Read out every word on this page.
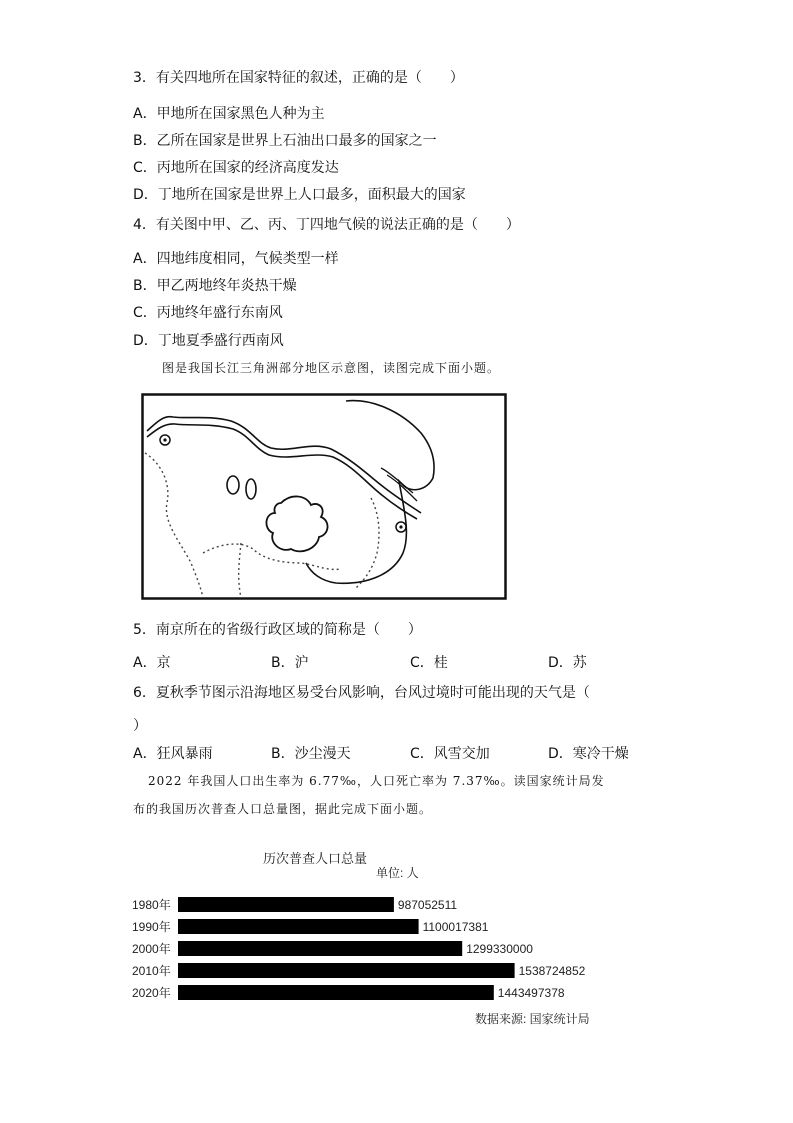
3．有关四地所在国家特征的叙述，正确的是（　　）
A．甲地所在国家黑色人种为主
B．乙所在国家是世界上石油出口最多的国家之一
C．丙地所在国家的经济高度发达
D．丁地所在国家是世界上人口最多，面积最大的国家
4．有关图中甲、乙、丙、丁四地气候的说法正确的是（　　）
A．四地纬度相同，气候类型一样
B．甲乙两地终年炎热干燥
C．丙地终年盛行东南风
D．丁地夏季盛行西南风
图是我国长江三角洲部分地区示意图，读图完成下面小题。
5．南京所在的省级行政区域的简称是（　　）
A．京	B．沪	C．桂	D．苏
6．夏秋季节图示沿海地区易受台风影响，台风过境时可能出现的天气是（
）
A．狂风暴雨	B．沙尘漫天	C．风雪交加	D．寒冷干燥
2022 年我国人口出生率为 6.77‰，人口死亡率为 7.37‰。读国家统计局发
布的我国历次普查人口总量图，据此完成下面小题。
历次普查人口总量
单位: 人
1980年	987052511
1990年	1100017381
2000年	1299330000
2010年	1538724852
2020年	1443497378
数据来源: 国家统计局
